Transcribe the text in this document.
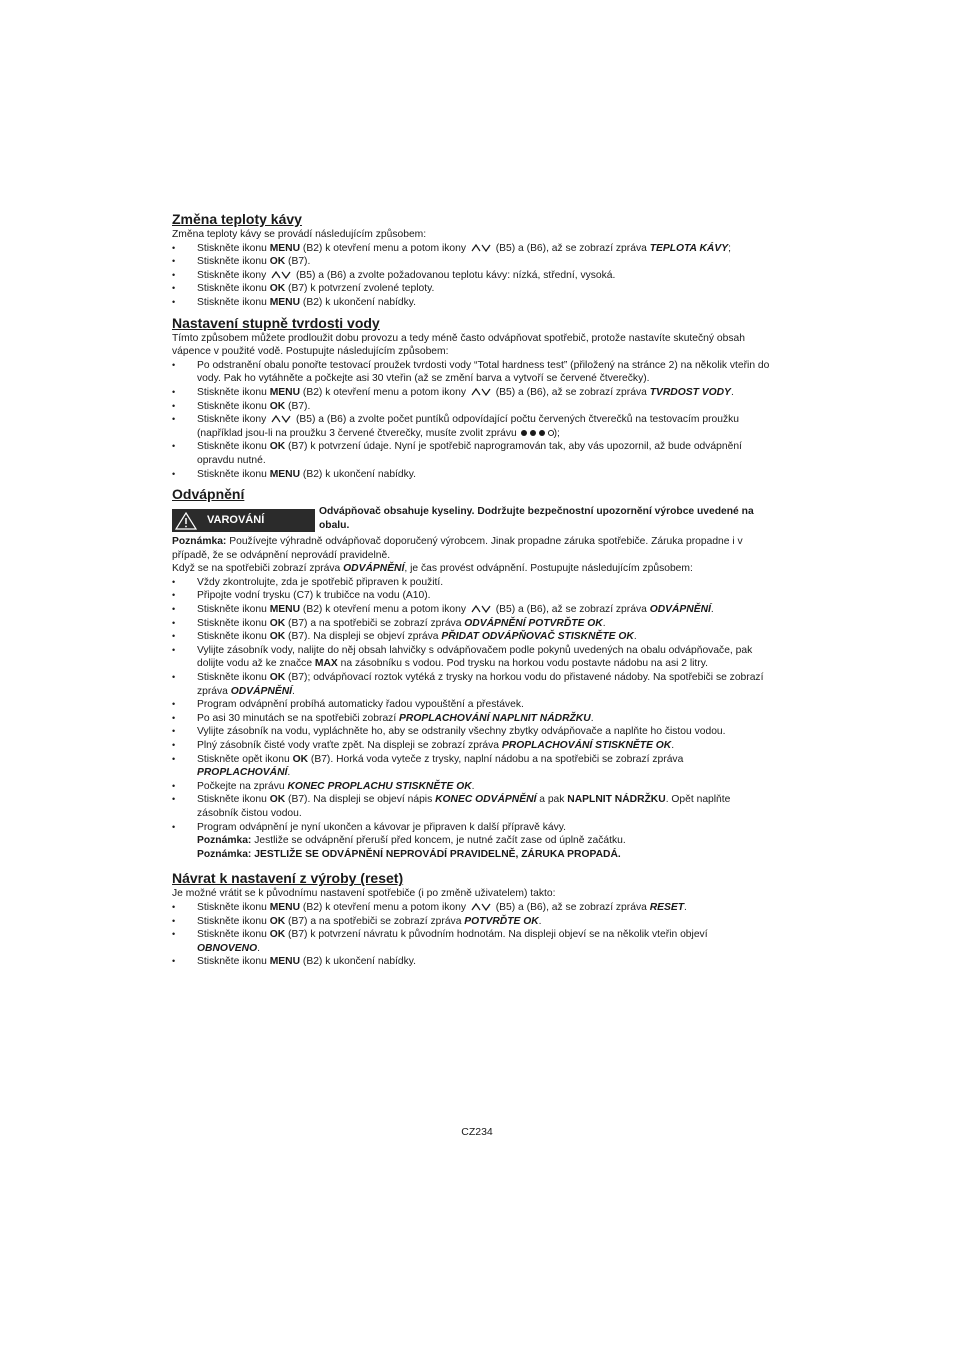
Změna teploty kávy

Změna teploty kávy se provádí následujícím způsobem:

• Stiskněte ikonu MENU (B2) k otevření menu a potom ikony  (B5) a (B6), až se zobrazí zpráva TEPLOTA KÁVY;
• Stiskněte ikonu OK (B7).
• Stiskněte ikony  (B5) a (B6) a zvolte požadovanou teplotu kávy: nízká, střední, vysoká.
• Stiskněte ikonu OK (B7) k potvrzení zvolené teploty.
• Stiskněte ikonu MENU (B2) k ukončení nabídky.
Nastavení stupně tvrdosti vody

Tímto způsobem můžete prodloužit dobu provozu a tedy méně často odvápňovat spotřebič, protože nastavíte skutečný obsah vápence v použité vodě. Postupujte následujícím způsobem:

• Po odstranění obalu ponořte testovací proužek tvrdosti vody “Total hardness test” (přiložený na stránce 2) na několik vteřin do vody. Pak ho vytáhněte a počkejte asi 30 vteřin (až se změní barva a vytvoří se červené čtverečky).
• Stiskněte ikonu MENU (B2) k otevření menu a potom ikony  (B5) a (B6), až se zobrazí zpráva TVRDOST VODY.
• Stiskněte ikonu OK (B7).
• Stiskněte ikony  (B5) a (B6) a zvolte počet puntíků odpovídající počtu červených čtverečků na testovacím proužku (například jsou-li na proužku 3 červené čtverečky, musíte zvolit zprávu	);
• Stiskněte ikonu OK (B7) k potvrzení údaje. Nyní je spotřebič naprogramován tak, aby vás upozornil, až bude odvápnění opravdu nutné.
• Stiskněte ikonu MENU (B2) k ukončení nabídky.
Odvápnění
VAROVÁNÍ
Odvápňovač obsahuje kyseliny. Dodržujte bezpečnostní upozornění výrobce uvedené na obalu.

Poznámka: Používejte výhradně odvápňovač doporučený výrobcem. Jinak propadne záruka spotřebiče. Záruka propadne i v případě, že se odvápnění neprovádí pravidelně.

Když se na spotřebiči zobrazí zpráva ODVÁPNĚNÍ, je čas provést odvápnění. Postupujte následujícím způsobem:

• Vždy zkontrolujte, zda je spotřebič připraven k použití.
• Připojte vodní trysku (C7) k trubičce na vodu (A10).
• Stiskněte ikonu MENU (B2) k otevření menu a potom ikony  (B5) a (B6), až se zobrazí zpráva ODVÁPNĚNÍ.
• Stiskněte ikonu OK (B7) a na spotřebiči se zobrazí zpráva ODVÁPNĚNÍ POTVRĎTE OK.
• Stiskněte ikonu OK (B7). Na displeji se objeví zpráva PŘIDAT ODVÁPŇOVAČ STISKNĚTE OK.
• Vylijte zásobník vody, nalijte do něj obsah lahvičky s odvápňovačem podle pokynů uvedených na obalu odvápňovače, pak dolijte vodu až ke značce MAX na zásobníku s vodou. Pod trysku na horkou vodu postavte nádobu na asi 2 litry.
• Stiskněte ikonu OK (B7); odvápňovací roztok vytéká z trysky na horkou vodu do přistavené nádoby. Na spotřebiči se zobrazí zpráva ODVÁPNĚNÍ.
• Program odvápnění probíhá automaticky řadou vypouštění a přestávek.
• Po asi 30 minutách se na spotřebiči zobrazí PROPLACHOVÁNÍ NAPLNIT NÁDRŽKU.
• Vylijte zásobník na vodu, vypláchněte ho, aby se odstranily všechny zbytky odvápňovače a naplňte ho čistou vodou.
• Plný zásobník čisté vody vraťte zpět. Na displeji se zobrazí zpráva PROPLACHOVÁNÍ STISKNĚTE OK.
• Stiskněte opět ikonu OK (B7). Horká voda vyteče z trysky, naplní nádobu a na spotřebiči se zobrazí zpráva PROPLACHOVÁNÍ.
• Počkejte na zprávu KONEC PROPLACHU STISKNĚTE OK.
• Stiskněte ikonu OK (B7). Na displeji se objeví nápis KONEC ODVÁPNĚNÍ a pak NAPLNIT NÁDRŽKU. Opět naplňte zásobník čistou vodou.
• Program odvápnění je nyní ukončen a kávovar je připraven k další přípravě kávy.
Poznámka: Jestliže se odvápnění přeruší před koncem, je nutné začít zase od úplně začátku.
Poznámka: JESTLIŽE SE ODVÁPNĚNÍ NEPROVÁDÍ PRAVIDELNĚ, ZÁRUKA PROPADÁ.
Návrat k nastavení z výroby (reset)

Je možné vrátit se k původnímu nastavení spotřebiče (i po změně uživatelem) takto:

• Stiskněte ikonu MENU (B2) k otevření menu a potom ikony  (B5) a (B6), až se zobrazí zpráva RESET.
• Stiskněte ikonu OK (B7) a na spotřebiči se zobrazí zpráva POTVRĎTE OK.
• Stiskněte ikonu OK (B7) k potvrzení návratu k původním hodnotám. Na displeji objeví se na několik vteřin objeví OBNOVENO.
• Stiskněte ikonu MENU (B2) k ukončení nabídky.
CZ234
